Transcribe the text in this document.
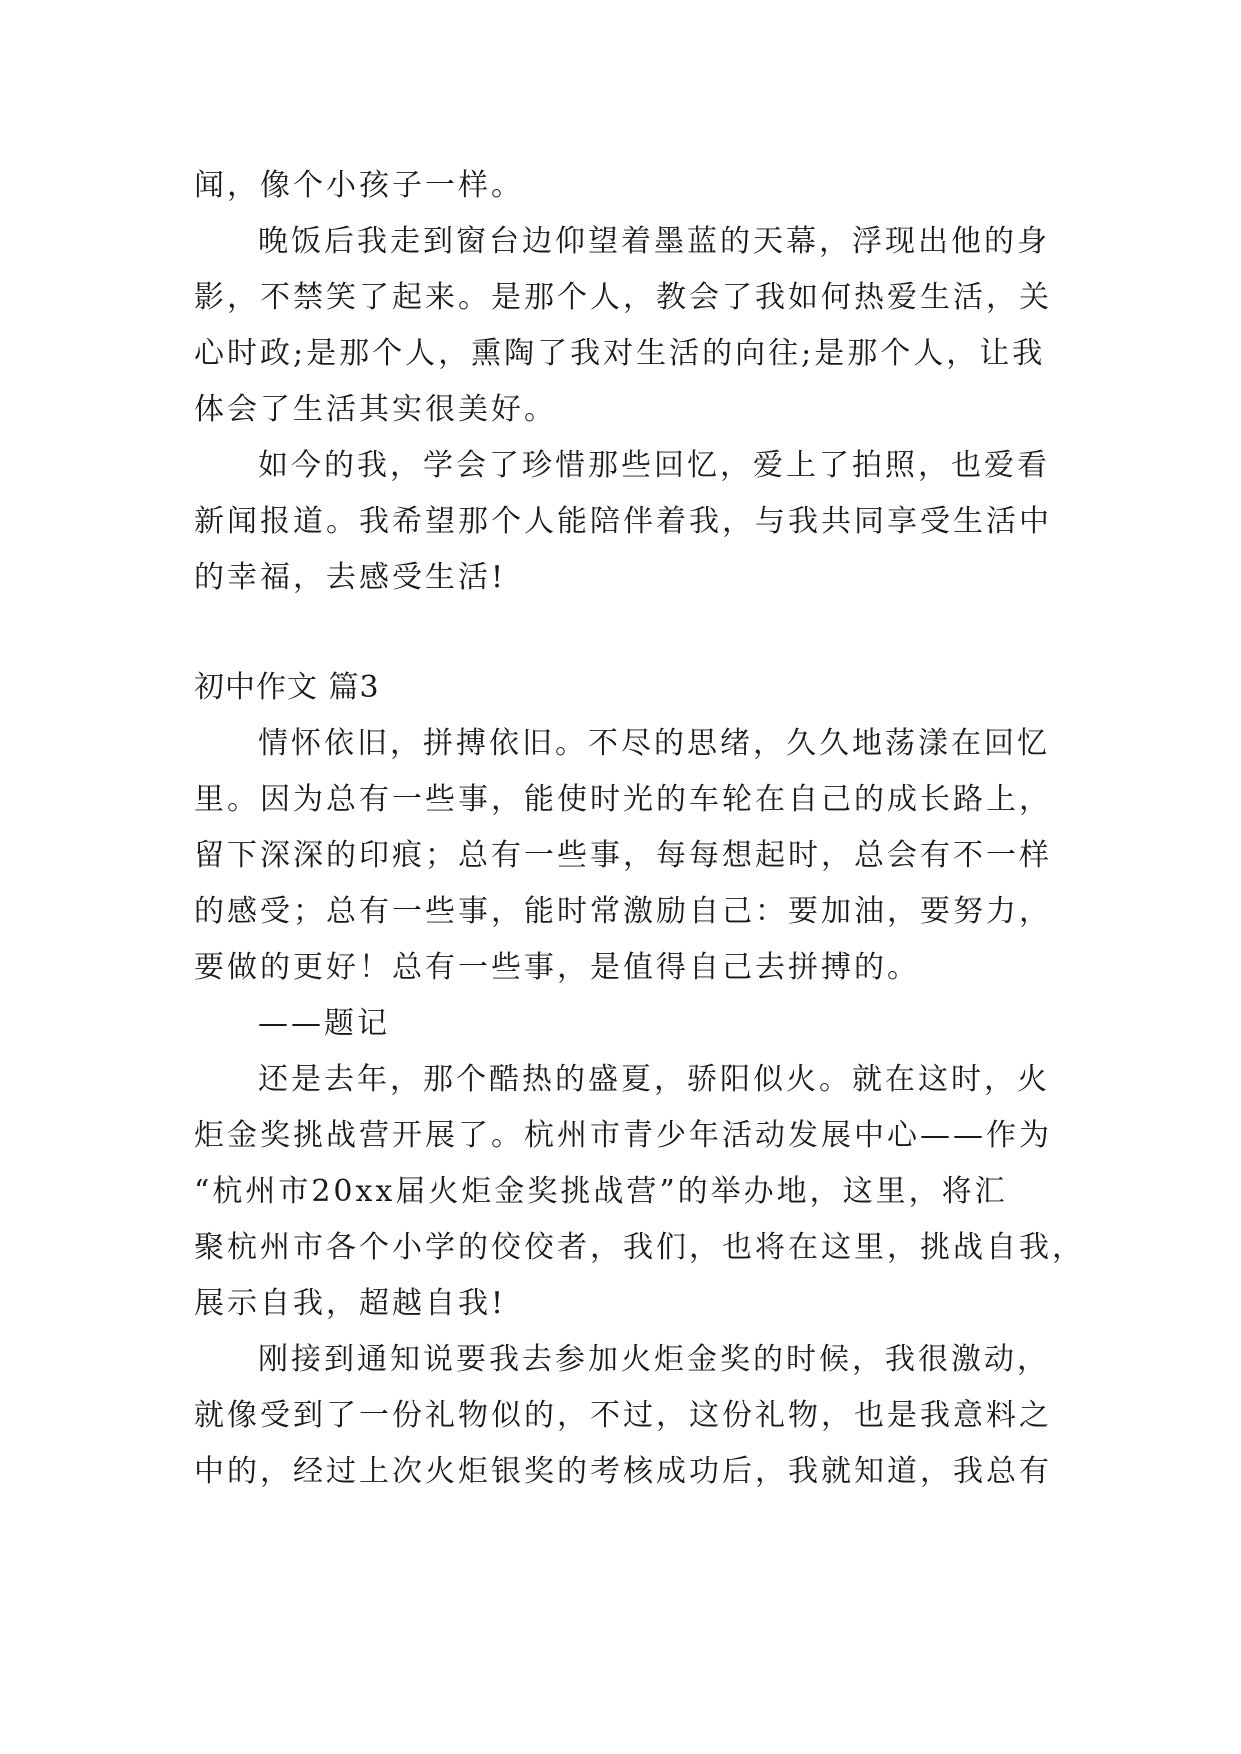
闻，像个小孩子一样。
晚饭后我走到窗台边仰望着墨蓝的天幕，浮现出他的身
影，不禁笑了起来。是那个人，教会了我如何热爱生活，关
心时政;是那个人，熏陶了我对生活的向往;是那个人，让我
体会了生活其实很美好。
如今的我，学会了珍惜那些回忆，爱上了拍照，也爱看
新闻报道。我希望那个人能陪伴着我，与我共同享受生活中
的幸福，去感受生活!
初中作文 篇3
情怀依旧，拼搏依旧。不尽的思绪，久久地荡漾在回忆
里。因为总有一些事，能使时光的车轮在自己的成长路上，
留下深深的印痕；总有一些事，每每想起时，总会有不一样
的感受；总有一些事，能时常激励自己：要加油，要努力，
要做的更好！总有一些事，是值得自己去拼搏的。
——题记
还是去年，那个酷热的盛夏，骄阳似火。就在这时，火
炬金奖挑战营开展了。杭州市青少年活动发展中心——作为
“杭州市20xx届火炬金奖挑战营”的举办地，这里，将汇
聚杭州市各个小学的佼佼者，我们，也将在这里，挑战自我，
展示自我，超越自我!
刚接到通知说要我去参加火炬金奖的时候，我很激动，
就像受到了一份礼物似的，不过，这份礼物，也是我意料之
中的，经过上次火炬银奖的考核成功后，我就知道，我总有
